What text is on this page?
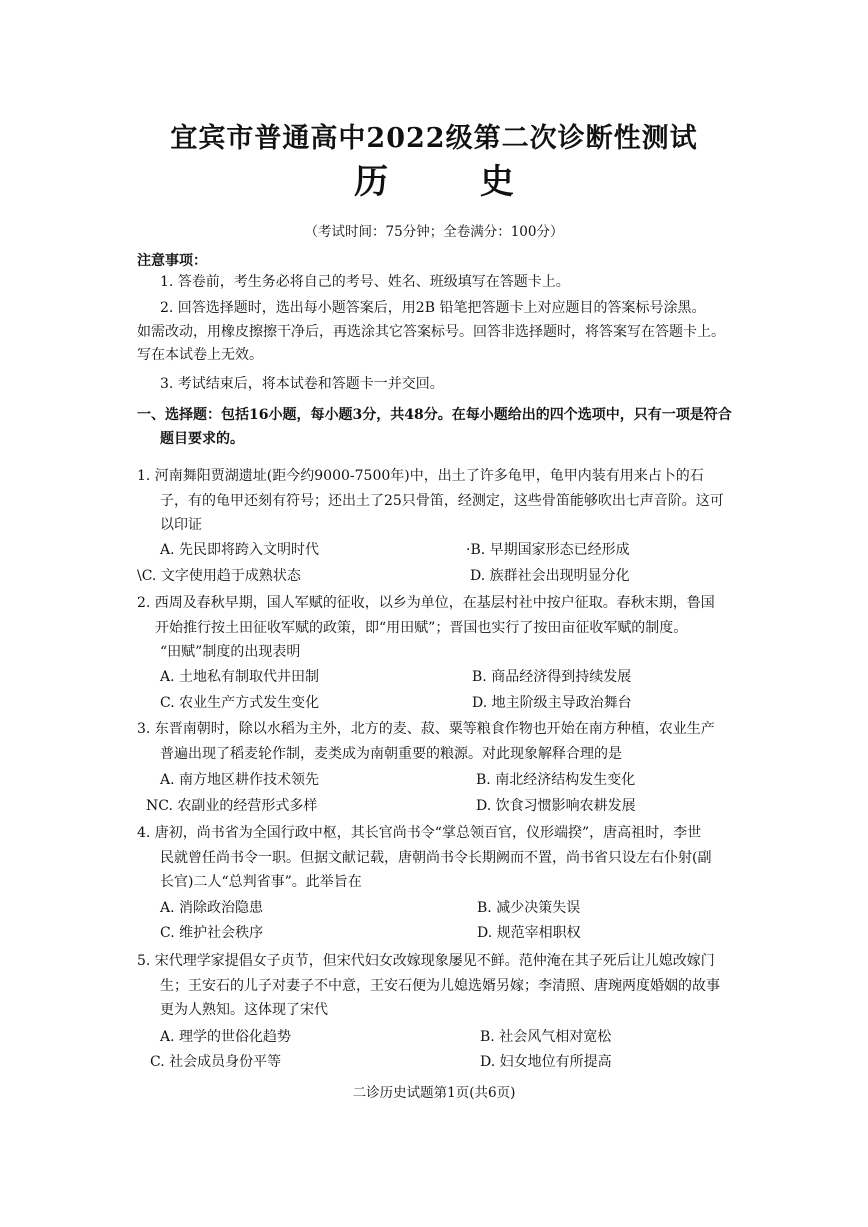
宜宾市普通高中2022级第二次诊断性测试
历 史
（考试时间：75分钟；全卷满分：100分）
注意事项：
1. 答卷前，考生务必将自己的考号、姓名、班级填写在答题卡上。
2. 回答选择题时，选出每小题答案后，用2B 铅笔把答题卡上对应题目的答案标号涂黑。
如需改动，用橡皮擦擦干净后，再选涂其它答案标号。回答非选择题时，将答案写在答题卡上。
写在本试卷上无效。
3. 考试结束后，将本试卷和答题卡一并交回。
一、选择题：包括16小题，每小题3分，共48分。在每小题给出的四个选项中，只有一项是符合
题目要求的。
1. 河南舞阳贾湖遗址(距今约9000-7500年)中，出土了许多龟甲，龟甲内装有用来占卜的石
子，有的龟甲还刻有符号；还出土了25只骨笛，经测定，这些骨笛能够吹出七声音阶。这可
以印证
A. 先民即将跨入文明时代	·B. 早期国家形态已经形成
\C. 文字使用趋于成熟状态	D. 族群社会出现明显分化
2. 西周及春秋早期，国人军赋的征收，以乡为单位，在基层村社中按户征取。春秋末期，鲁国
开始推行按土田征收军赋的政策，即“用田赋”；晋国也实行了按田亩征收军赋的制度。
“田赋”制度的出现表明
A. 土地私有制取代井田制	B. 商品经济得到持续发展
C. 农业生产方式发生变化	D. 地主阶级主导政治舞台
3. 东晋南朝时，除以水稻为主外，北方的麦、菽、粟等粮食作物也开始在南方种植，农业生产
普遍出现了稻麦轮作制，麦类成为南朝重要的粮源。对此现象解释合理的是
A. 南方地区耕作技术领先	B. 南北经济结构发生变化
NC. 农副业的经营形式多样	D. 饮食习惯影响农耕发展
4. 唐初，尚书省为全国行政中枢，其长官尚书令“掌总领百官，仪形端揆”，唐高祖时，李世
民就曾任尚书令一职。但据文献记载，唐朝尚书令长期阙而不置，尚书省只设左右仆射(副
长官)二人“总判省事”。此举旨在
A. 消除政治隐患	B. 减少决策失误
C. 维护社会秩序	D. 规范宰相职权
5. 宋代理学家提倡女子贞节，但宋代妇女改嫁现象屡见不鲜。范仲淹在其子死后让儿媳改嫁门
生；王安石的儿子对妻子不中意，王安石便为儿媳选婿另嫁；李清照、唐琬两度婚姻的故事
更为人熟知。这体现了宋代
A. 理学的世俗化趋势	B. 社会风气相对宽松
C. 社会成员身份平等	D. 妇女地位有所提高
二诊历史试题第1页(共6页)
